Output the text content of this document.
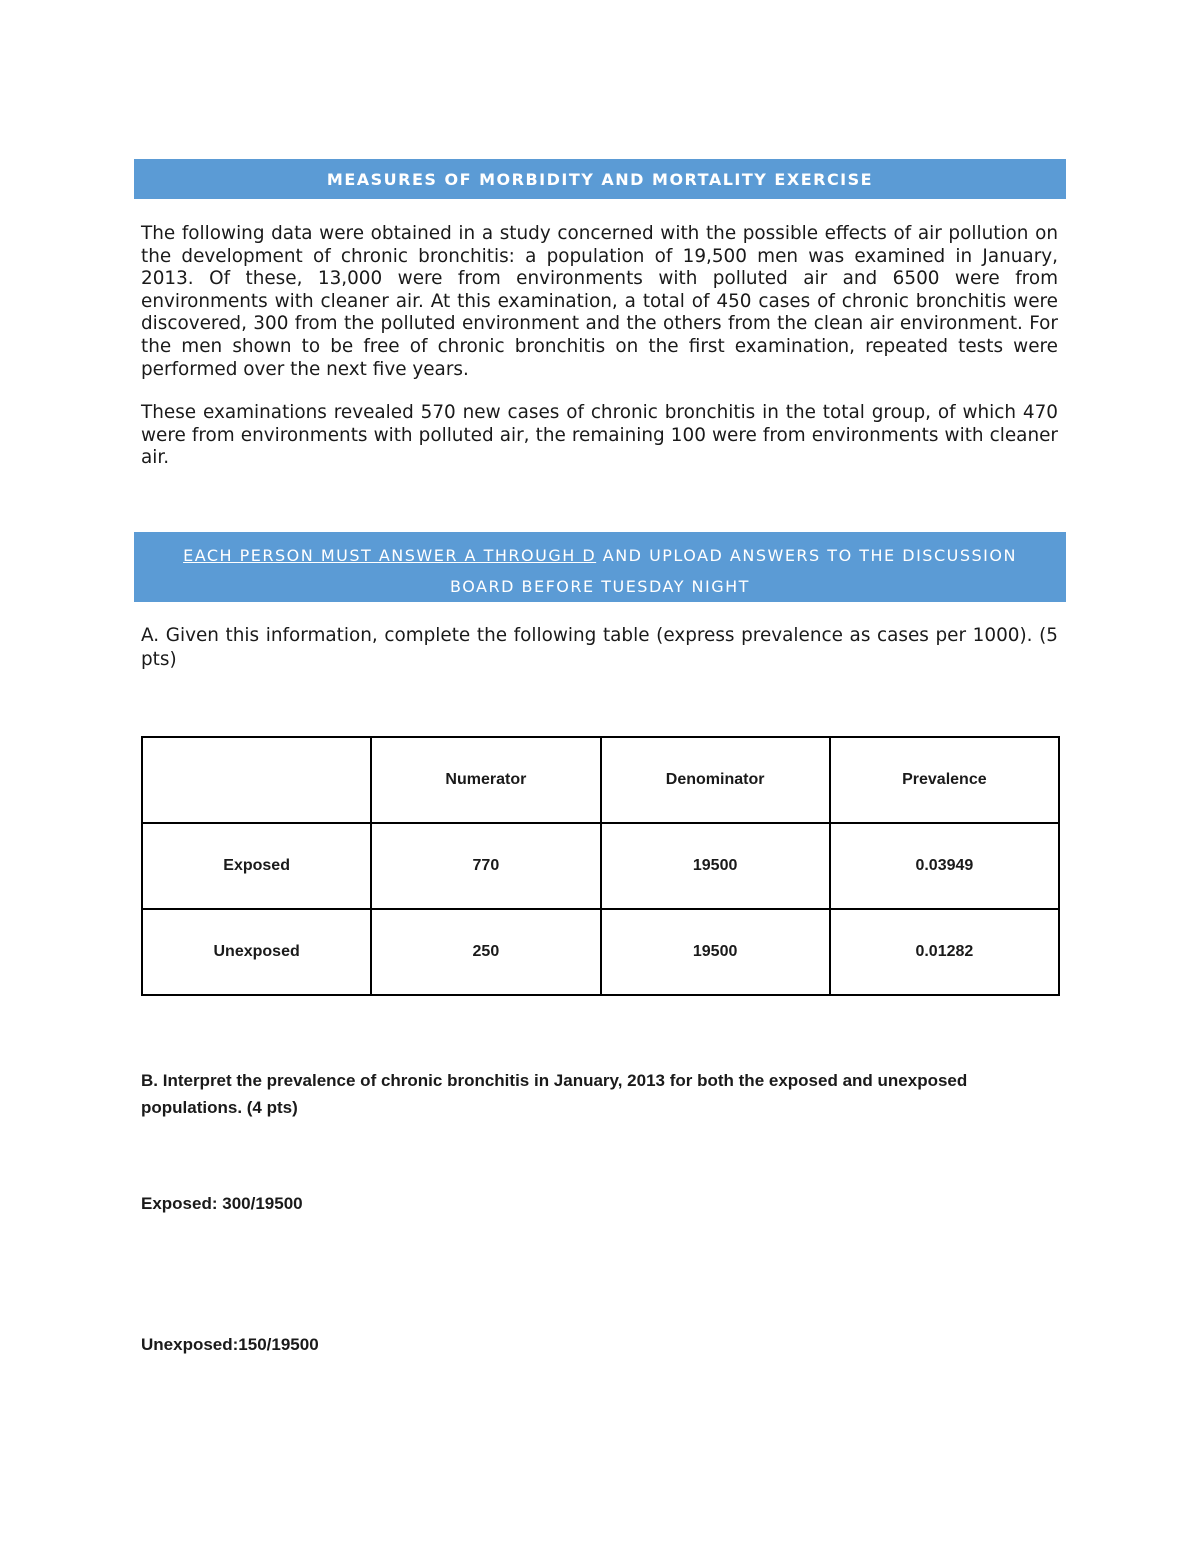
MEASURES OF MORBIDITY AND MORTALITY EXERCISE

The following data were obtained in a study concerned with the possible effects of air pollution on the development of chronic bronchitis: a population of 19,500 men was examined in January, 2013. Of these, 13,000 were from environments with polluted air and 6500 were from environments with cleaner air. At this examination, a total of 450 cases of chronic bronchitis were discovered, 300 from the polluted environment and the others from the clean air environment. For the men shown to be free of chronic bronchitis on the first examination, repeated tests were performed over the next five years.

These examinations revealed 570 new cases of chronic bronchitis in the total group, of which 470 were from environments with polluted air, the remaining 100 were from environments with cleaner air.

EACH PERSON MUST ANSWER A THROUGH D AND UPLOAD ANSWERS TO THE DISCUSSION
BOARD BEFORE TUESDAY NIGHT

A. Given this information, complete the following table (express prevalence as cases per 1000). (5 pts)

	Numerator	Denominator	Prevalence
Exposed	770	19500	0.03949
Unexposed	250	19500	0.01282

B. Interpret the prevalence of chronic bronchitis in January, 2013 for both the exposed and unexposed populations. (4 pts)

Exposed: 300/19500

Unexposed:150/19500
